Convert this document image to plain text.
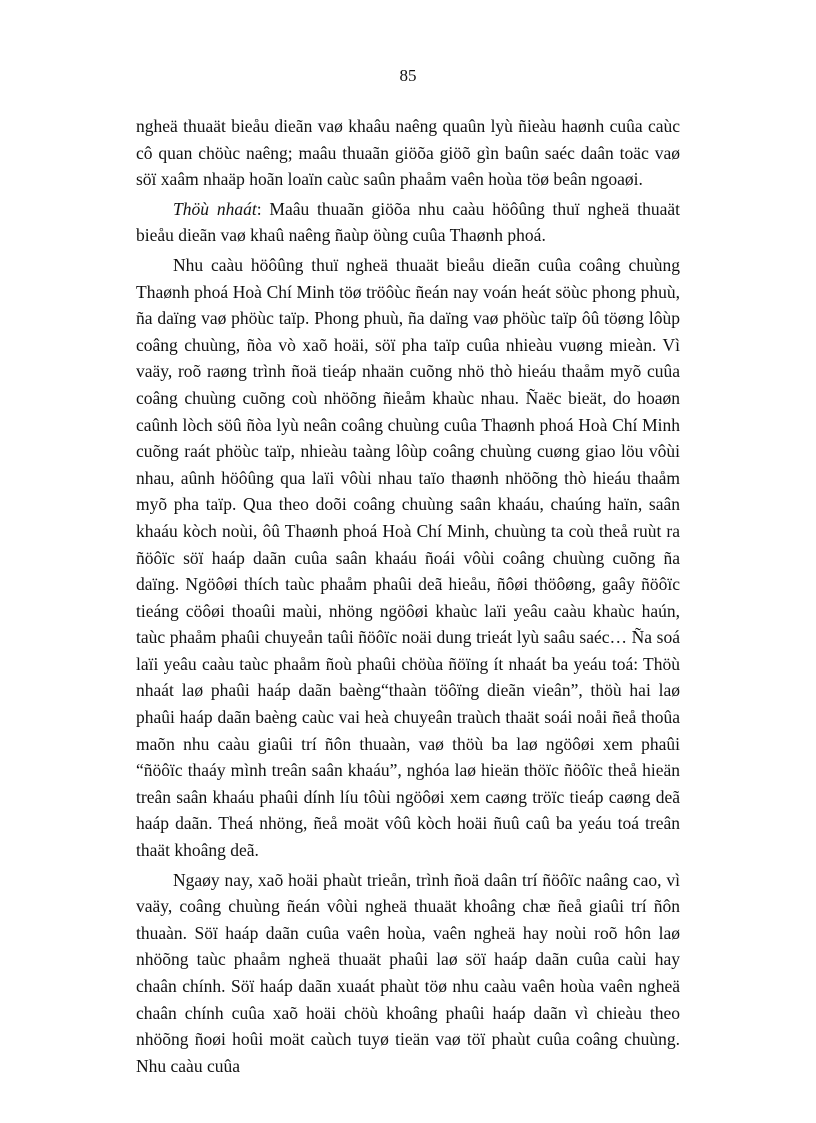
85

ngheä thuaät bieåu dieãn vaø khaâu naêng quaûn lyù ñieàu haønh cuûa caùc cô quan chöùc naêng; maâu thuaãn giöõa giöõ gìn baûn saéc daân toäc vaø söï xaâm nhaäp hoãn loaïn caùc saûn phaåm vaên hoùa töø beân ngoaøi.

Thöù nhaát: Maâu thuaãn giöõa nhu caàu höôûng thuï ngheä thuaät bieåu dieãn vaø khaû naêng ñaùp öùng cuûa Thaønh phoá.

Nhu caàu höôûng thuï ngheä thuaät bieåu dieãn cuûa coâng chuùng Thaønh phoá Hoà Chí Minh töø tröôùc ñeán nay voán heát söùc phong phuù, ña daïng vaø phöùc taïp. Phong phuù, ña daïng vaø phöùc taïp ôû töøng lôùp coâng chuùng, ñòa vò xaõ hoäi, söï pha taïp cuûa nhieàu vuøng mieàn. Vì vaäy, roõ raøng trình ñoä tieáp nhaän cuõng nhö thò hieáu thaåm myõ cuûa coâng chuùng cuõng coù nhöõng ñieåm khaùc nhau. Ñaëc bieät, do hoaøn caûnh lòch söû ñòa lyù neân coâng chuùng cuûa Thaønh phoá Hoà Chí Minh cuõng raát phöùc taïp, nhieàu taàng lôùp coâng chuùng cuøng giao löu vôùi nhau, aûnh höôûng qua laïi vôùi nhau taïo thaønh nhöõng thò hieáu thaåm myõ pha taïp. Qua theo doõi coâng chuùng saân khaáu, chaúng haïn, saân khaáu kòch noùi, ôû Thaønh phoá Hoà Chí Minh, chuùng ta coù theå ruùt ra ñöôïc söï haáp daãn cuûa saân khaáu ñoái vôùi coâng chuùng cuõng ña daïng. Ngöôøi thích taùc phaåm phaûi deã hieåu, ñôøi thöôøng, gaây ñöôïc tieáng cöôøi thoaûi maùi, nhöng ngöôøi khaùc laïi yeâu caàu khaùc haún, taùc phaåm phaûi chuyeån taûi ñöôïc noäi dung trieát lyù saâu saéc… Ña soá laïi yeâu caàu taùc phaåm ñoù phaûi chöùa ñöïng ít nhaát ba yeáu toá: Thöù nhaát laø phaûi haáp daãn baèng“thaàn töôïng dieãn vieân”, thöù hai laø phaûi haáp daãn baèng caùc vai heà chuyeân traùch thaät soái noåi ñeå thoûa maõn nhu caàu giaûi trí ñôn thuaàn, vaø thöù ba laø ngöôøi xem phaûi “ñöôïc thaáy mình treân saân khaáu”, nghóa laø hieän thöïc ñöôïc theå hieän treân saân khaáu phaûi dính líu tôùi ngöôøi xem caøng tröïc tieáp caøng deã haáp daãn. Theá nhöng, ñeå moät vôû kòch hoäi ñuû caû ba yeáu toá treân thaät khoâng deã.

Ngaøy nay, xaõ hoäi phaùt trieån, trình ñoä daân trí ñöôïc naâng cao, vì vaäy, coâng chuùng ñeán vôùi ngheä thuaät khoâng chæ ñeå giaûi trí ñôn thuaàn. Söï haáp daãn cuûa vaên hoùa, vaên ngheä hay noùi roõ hôn laø nhöõng taùc phaåm ngheä thuaät phaûi laø söï haáp daãn cuûa caùi hay chaân chính. Söï haáp daãn xuaát phaùt töø nhu caàu vaên hoùa vaên ngheä chaân chính cuûa xaõ hoäi chöù khoâng phaûi haáp daãn vì chieàu theo nhöõng ñoøi hoûi moät caùch tuyø tieän vaø töï phaùt cuûa coâng chuùng. Nhu caàu cuûa
